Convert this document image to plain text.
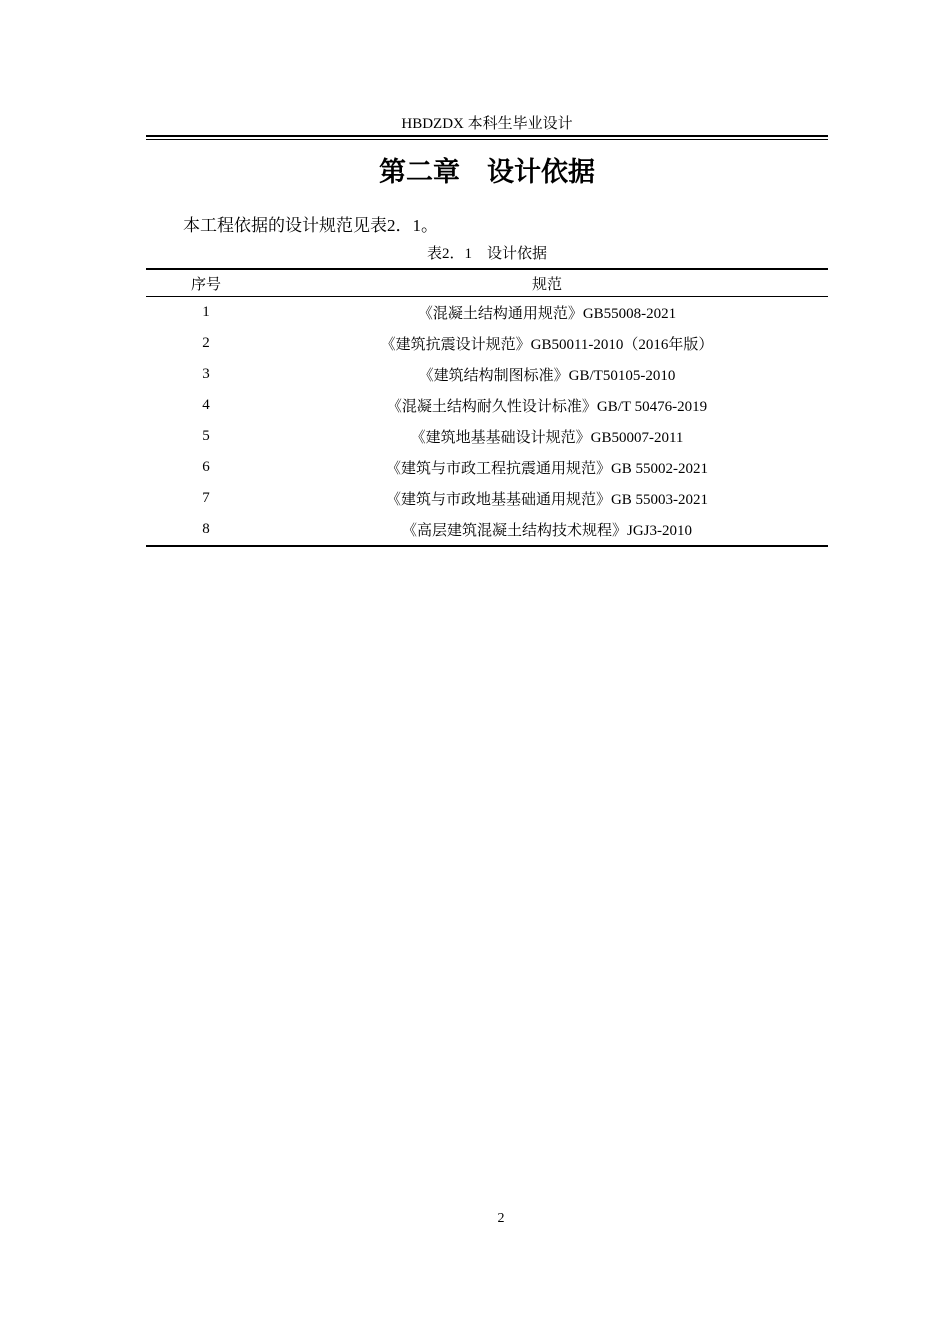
HBDZDX 本科生毕业设计
第二章　设计依据

本工程依据的设计规范见表2．1。

表2．1　设计依据
序号	规范
1	《混凝土结构通用规范》GB55008-2021
2	《建筑抗震设计规范》GB50011-2010（2016年版）
3	《建筑结构制图标准》GB/T50105-2010
4	《混凝土结构耐久性设计标准》GB/T 50476-2019
5	《建筑地基基础设计规范》GB50007-2011
6	《建筑与市政工程抗震通用规范》GB 55002-2021
7	《建筑与市政地基基础通用规范》GB 55003-2021
8	《高层建筑混凝土结构技术规程》JGJ3-2010
2
